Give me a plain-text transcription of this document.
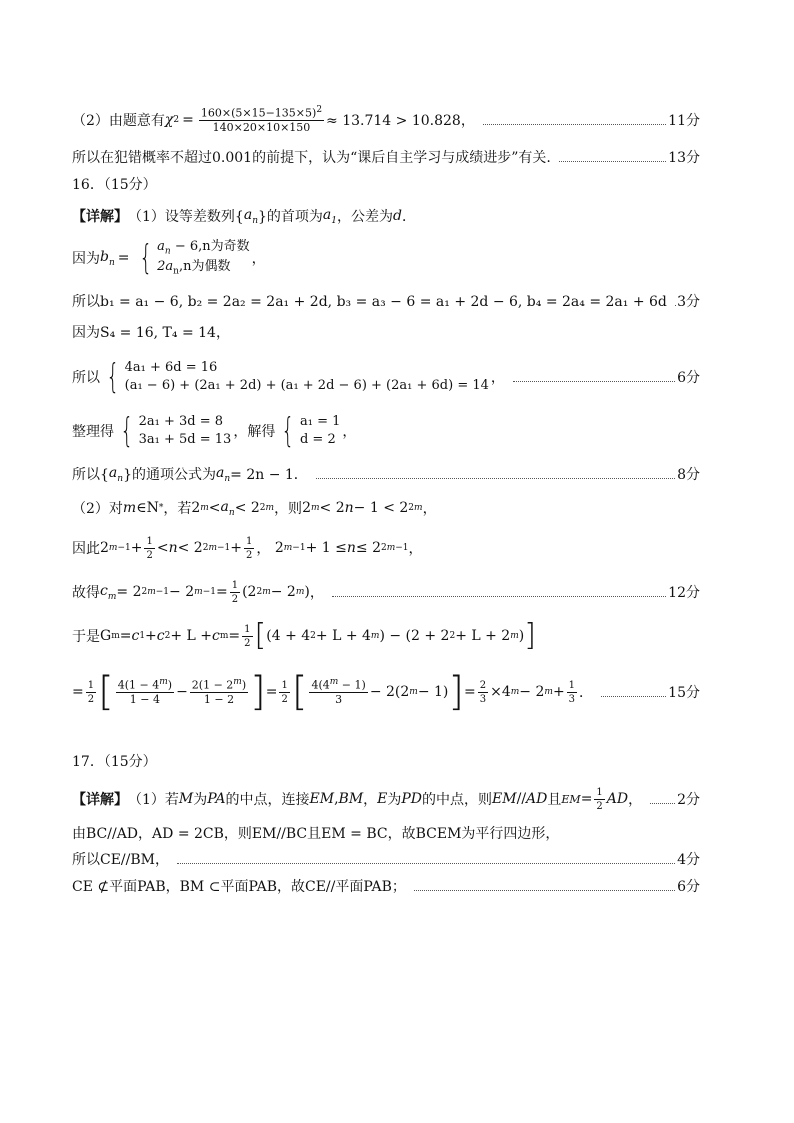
（2）由题意有 χ $2 = \frac{160\times(5\times 15-135\times 5)^2}{140\times 20\times 10\times 150} \approx 13.714 > 10.828$，	11分
所以在犯错概率不超过0.001的前提下，认为“课后自主学习与成绩进步”有关.	13分
16．（15分）
【详解】 （1）设等差数列{ $a_n$ }的首项为 $a_1$ ，公差为 d ．
因为 $b_n$ = { $a_n - 6,n$为奇数
$2a_n,n$为偶数	，
所以b₁ = a₁ − 6, b₂ = 2a₂ = 2a₁ + 2d, b₃ = a₃ − 6 = a₁ + 2d − 6, b₄ = 2a₄ = 2a₁ + 6d 3分
因为S₄ = 16, T₄ = 14，
所以 { 4a₁ + 6d = 16
(a₁ − 6) + (2a₁ + 2d) + (a₁ + 2d − 6) + (2a₁ + 6d) = 14 ，	6分
整理得 { 2a₁ + 3d = 8
3a₁ + 5d = 13 ，解得 { a₁ = 1
d = 2 ，
所以{ $a_n$ }的通项公式为 $a_n = 2n - 1$．	8分
（2）对 m ∈N * ，若 2 $m < a_n < 2$ 2m ，则 2 m < 2 n − 1 < 2 2m ，
因此 2 $m-1 + \frac{1}{2} < n < 2$ $2m-1 + \frac{1}{2}$ ， 2 m−1 + 1 ≤ n ≤ 2 2m−1 ，
故得 $c_m = 2$ 2m−1 − 2 $m-1 = \frac{1}{2} (2$ 2m − 2 m ) ，	12分
于是 G m = c 1 + c 2 + L + c $m = \frac{1}{2}$ [ (4 + 4 2 + L + 4 m ) − (2 + 2 2 + L + 2 m ) ]
= $\frac{1}{2}$ [ $\frac{4(1 - 4^m)}{1 - 4} - \frac{2(1 - 2^m)}{1 - 2}$ ] = $\frac{1}{2}$ [ $\frac{4(4^m - 1)}{3} - 2(2$ m − 1) ] = $\frac{2}{3} \times 4$ m − 2 $m + \frac{1}{3}$ ．	15分
17．（15分）
【详解】 （1）若 M 为 PA 的中点，连接 EM , BM ， E 为 PD 的中点，则 EM // AD 且 EM = $\frac{1}{2}$ AD ， 2分
由BC//AD，AD = 2CB，则EM//BC且EM = BC，故BCEM为平行四边形，
所以CE//BM，	4分
CE ⊄平面PAB，BM ⊂平面PAB，故CE//平面PAB；	6分
